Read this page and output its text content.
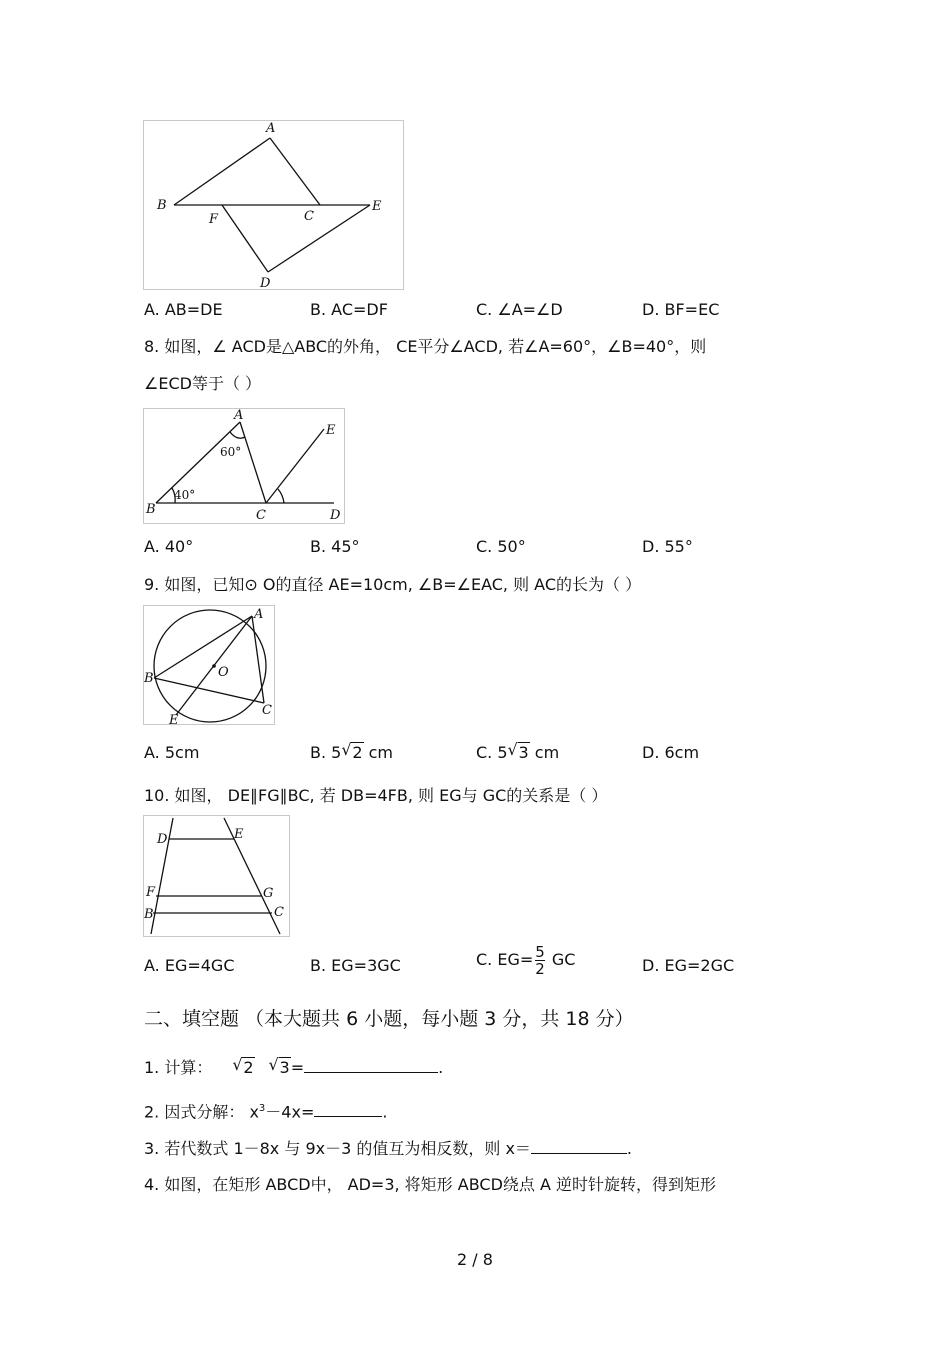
A
B
C
E
F
D
A. AB=DE	B. AC=DF	C. ∠A=∠D	D. BF=EC
8. 如图，∠ ACD是△ABC的外角， CE平分∠ACD, 若∠A=60°，∠B=40°，则
∠ECD等于（ ）
A
B	C	D
E
60°
40°
A. 40°	B. 45°	C. 50°	D. 55°
9. 如图，已知⊙ O的直径 AE=10cm, ∠B=∠EAC, 则 AC的长为（ ）
A
B
C
E
O
A. 5cm	B. 5 √ 2 cm	C. 5 √ 3 cm	D. 6cm
10. 如图， DE∥FG∥BC, 若 DB=4FB, 则 EG与 GC的关系是（ ）
D	E
F	G
B	C
A. EG=4GC	B. EG=3GC	C. $EG= \frac{5}{2}$ GC	D. EG=2GC
二、填空题 （本大题共 6 小题，每小题 3 分，共 18 分）
1. 计算： √ 2 √ 3=	.
2. 因式分解： $x^3-4x=$	.
3. 若代数式 1－8x 与 9x－3 的值互为相反数，则 x＝	.
4. 如图，在矩形 ABCD中， AD=3, 将矩形 ABCD绕点 A 逆时针旋转，得到矩形
2 / 8
